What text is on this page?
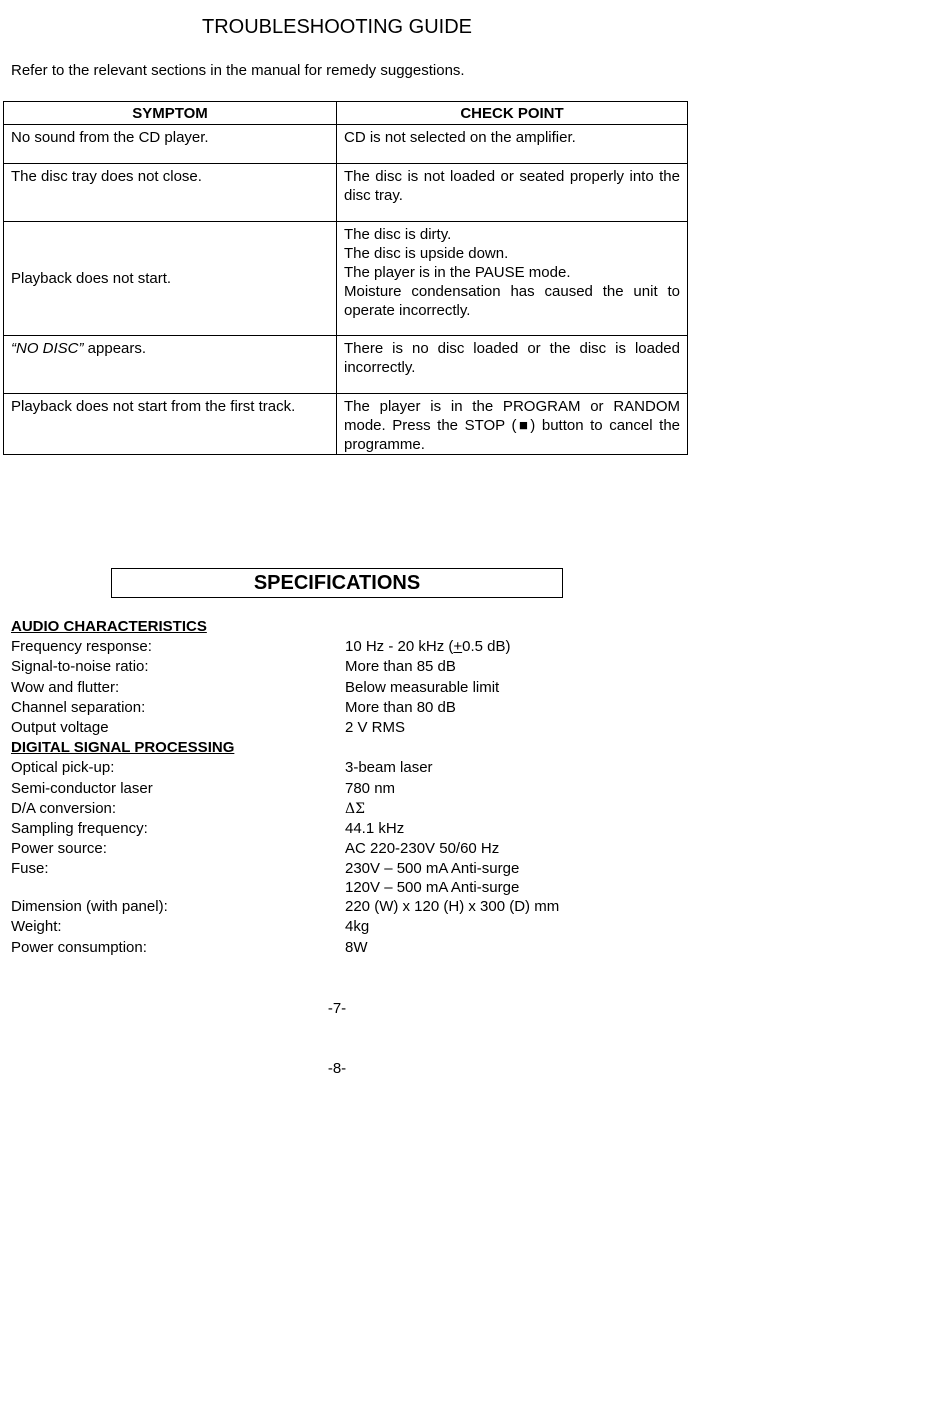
TROUBLESHOOTING GUIDE
Refer to the relevant sections in the manual for remedy suggestions.
SYMPTOM	CHECK POINT
No sound from the CD player.	CD is not selected on the amplifier.
The disc tray does not close.	The disc is not loaded or seated properly into the disc tray.
Playback does not start.	The disc is dirty.
The disc is upside down.
The player is in the PAUSE mode.
Moisture condensation has caused the unit to operate incorrectly.

“NO DISC” appears.	There is no disc loaded or the disc is loaded incorrectly.
Playback does not start from the first track.	The player is in the PROGRAM or RANDOM mode. Press the STOP (■) button to cancel the programme.
SPECIFICATIONS
AUDIO CHARACTERISTICS
Frequency response:	10 Hz - 20 kHz (+0.5 dB)
Signal-to-noise ratio:	More than 85 dB
Wow and flutter:	Below measurable limit
Channel separation:	More than 80 dB
Output voltage	2 V RMS
DIGITAL SIGNAL PROCESSING
Optical pick-up:	3-beam laser
Semi-conductor laser	780 nm
D/A conversion:	ΔΣ
Sampling frequency:	44.1 kHz
Power source:	AC 220-230V 50/60 Hz
Fuse:	230V – 500 mA Anti-surge
120V – 500 mA Anti-surge
Dimension (with panel):	220 (W) x 120 (H) x 300 (D) mm
Weight:	4kg
Power consumption:	8W
-7-
-8-
